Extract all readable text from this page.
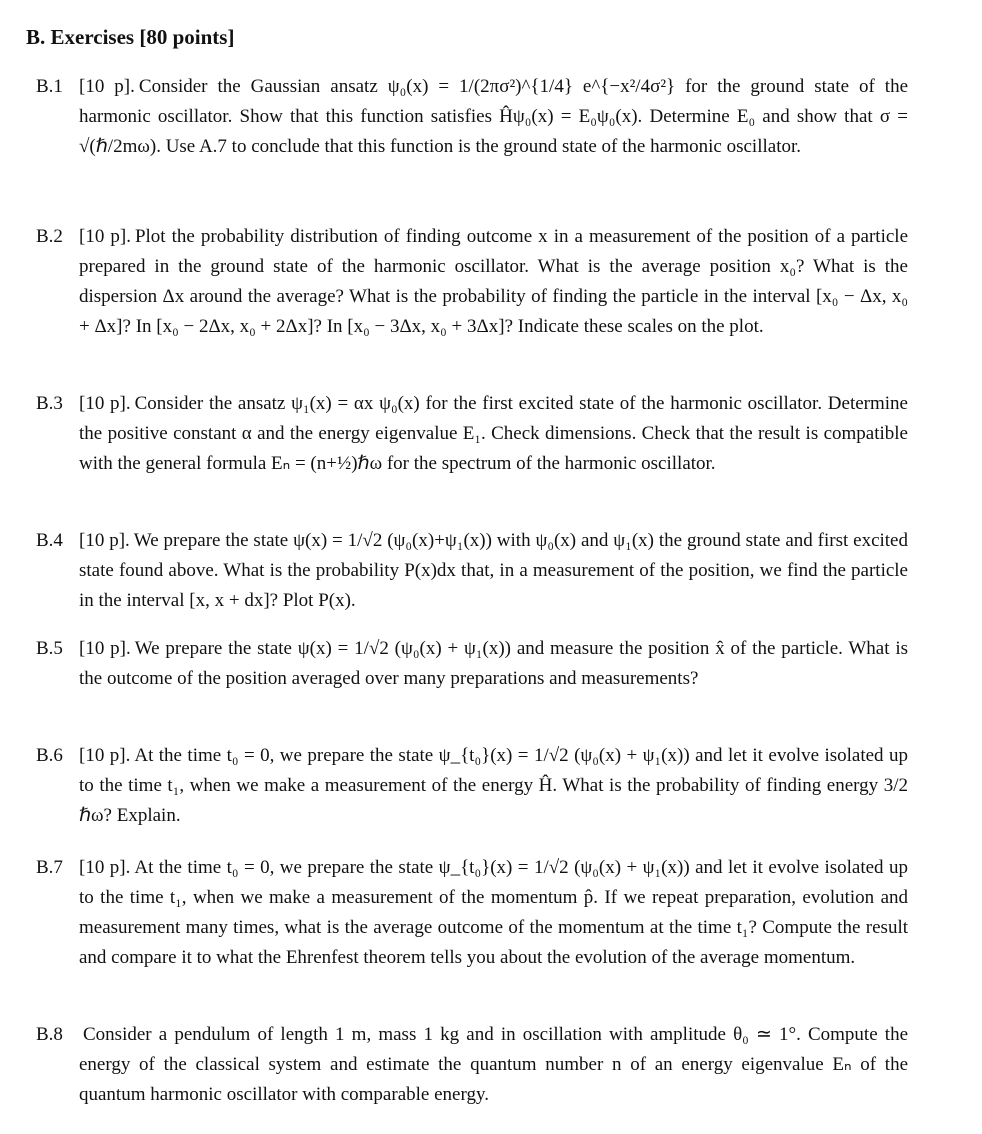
B. Exercises [80 points]
B.1 [10 p]. Consider the Gaussian ansatz ψ₀(x) = 1/(2πσ²)^{1/4} e^{−x²/4σ²} for the ground state of the harmonic oscillator. Show that this function satisfies Ĥψ₀(x) = E₀ψ₀(x). Determine E₀ and show that σ = √(ℏ/2mω). Use A.7 to conclude that this function is the ground state of the harmonic oscillator.
B.2 [10 p]. Plot the probability distribution of finding outcome x in a measurement of the position of a particle prepared in the ground state of the harmonic oscillator. What is the average position x₀? What is the dispersion Δx around the average? What is the probability of finding the particle in the interval [x₀ − Δx, x₀ + Δx]? In [x₀ − 2Δx, x₀ + 2Δx]? In [x₀ − 3Δx, x₀ + 3Δx]? Indicate these scales on the plot.
B.3 [10 p]. Consider the ansatz ψ₁(x) = αx ψ₀(x) for the first excited state of the harmonic oscillator. Determine the positive constant α and the energy eigenvalue E₁. Check dimensions. Check that the result is compatible with the general formula Eₙ = (n+½)ℏω for the spectrum of the harmonic oscillator.
B.4 [10 p]. We prepare the state ψ(x) = 1/√2 (ψ₀(x)+ψ₁(x)) with ψ₀(x) and ψ₁(x) the ground state and first excited state found above. What is the probability P(x)dx that, in a measurement of the position, we find the particle in the interval [x, x + dx]? Plot P(x).
B.5 [10 p]. We prepare the state ψ(x) = 1/√2 (ψ₀(x) + ψ₁(x)) and measure the position x̂ of the particle. What is the outcome of the position averaged over many preparations and measurements?
B.6 [10 p]. At the time t₀ = 0, we prepare the state ψ_{t₀}(x) = 1/√2 (ψ₀(x) + ψ₁(x)) and let it evolve isolated up to the time t₁, when we make a measurement of the energy Ĥ. What is the probability of finding energy 3/2 ℏω? Explain.
B.7 [10 p]. At the time t₀ = 0, we prepare the state ψ_{t₀}(x) = 1/√2 (ψ₀(x) + ψ₁(x)) and let it evolve isolated up to the time t₁, when we make a measurement of the momentum p̂. If we repeat preparation, evolution and measurement many times, what is the average outcome of the momentum at the time t₁? Compute the result and compare it to what the Ehrenfest theorem tells you about the evolution of the average momentum.
B.8 Consider a pendulum of length 1 m, mass 1 kg and in oscillation with amplitude θ₀ ≃ 1°. Compute the energy of the classical system and estimate the quantum number n of an energy eigenvalue Eₙ of the quantum harmonic oscillator with comparable energy.
